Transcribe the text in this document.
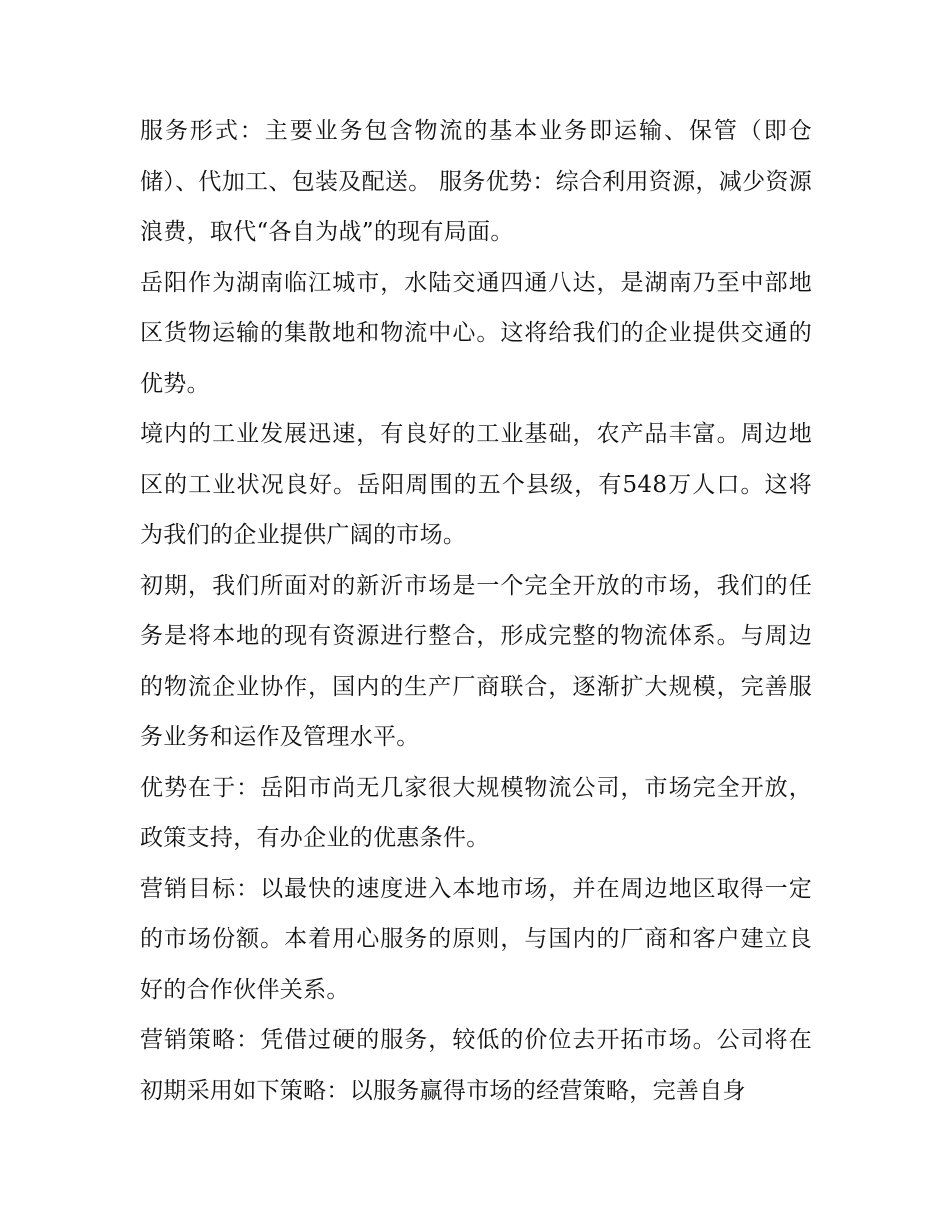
服务形式：主要业务包含物流的基本业务即运输、保管（即仓储）、代加工、包装及配送。 服务优势：综合利用资源，减少资源浪费，取代“各自为战”的现有局面。

岳阳作为湖南临江城市，水陆交通四通八达，是湖南乃至中部地区货物运输的集散地和物流中心。这将给我们的企业提供交通的优势。

境内的工业发展迅速，有良好的工业基础，农产品丰富。周边地区的工业状况良好。岳阳周围的五个县级，有548万人口。这将为我们的企业提供广阔的市场。

初期，我们所面对的新沂市场是一个完全开放的市场，我们的任务是将本地的现有资源进行整合，形成完整的物流体系。与周边的物流企业协作，国内的生产厂商联合，逐渐扩大规模，完善服务业务和运作及管理水平。

优势在于：岳阳市尚无几家很大规模物流公司，市场完全开放，政策支持，有办企业的优惠条件。

营销目标：以最快的速度进入本地市场，并在周边地区取得一定的市场份额。本着用心服务的原则，与国内的厂商和客户建立良好的合作伙伴关系。

营销策略：凭借过硬的服务，较低的价位去开拓市场。公司将在初期采用如下策略：以服务赢得市场的经营策略，完善自身
